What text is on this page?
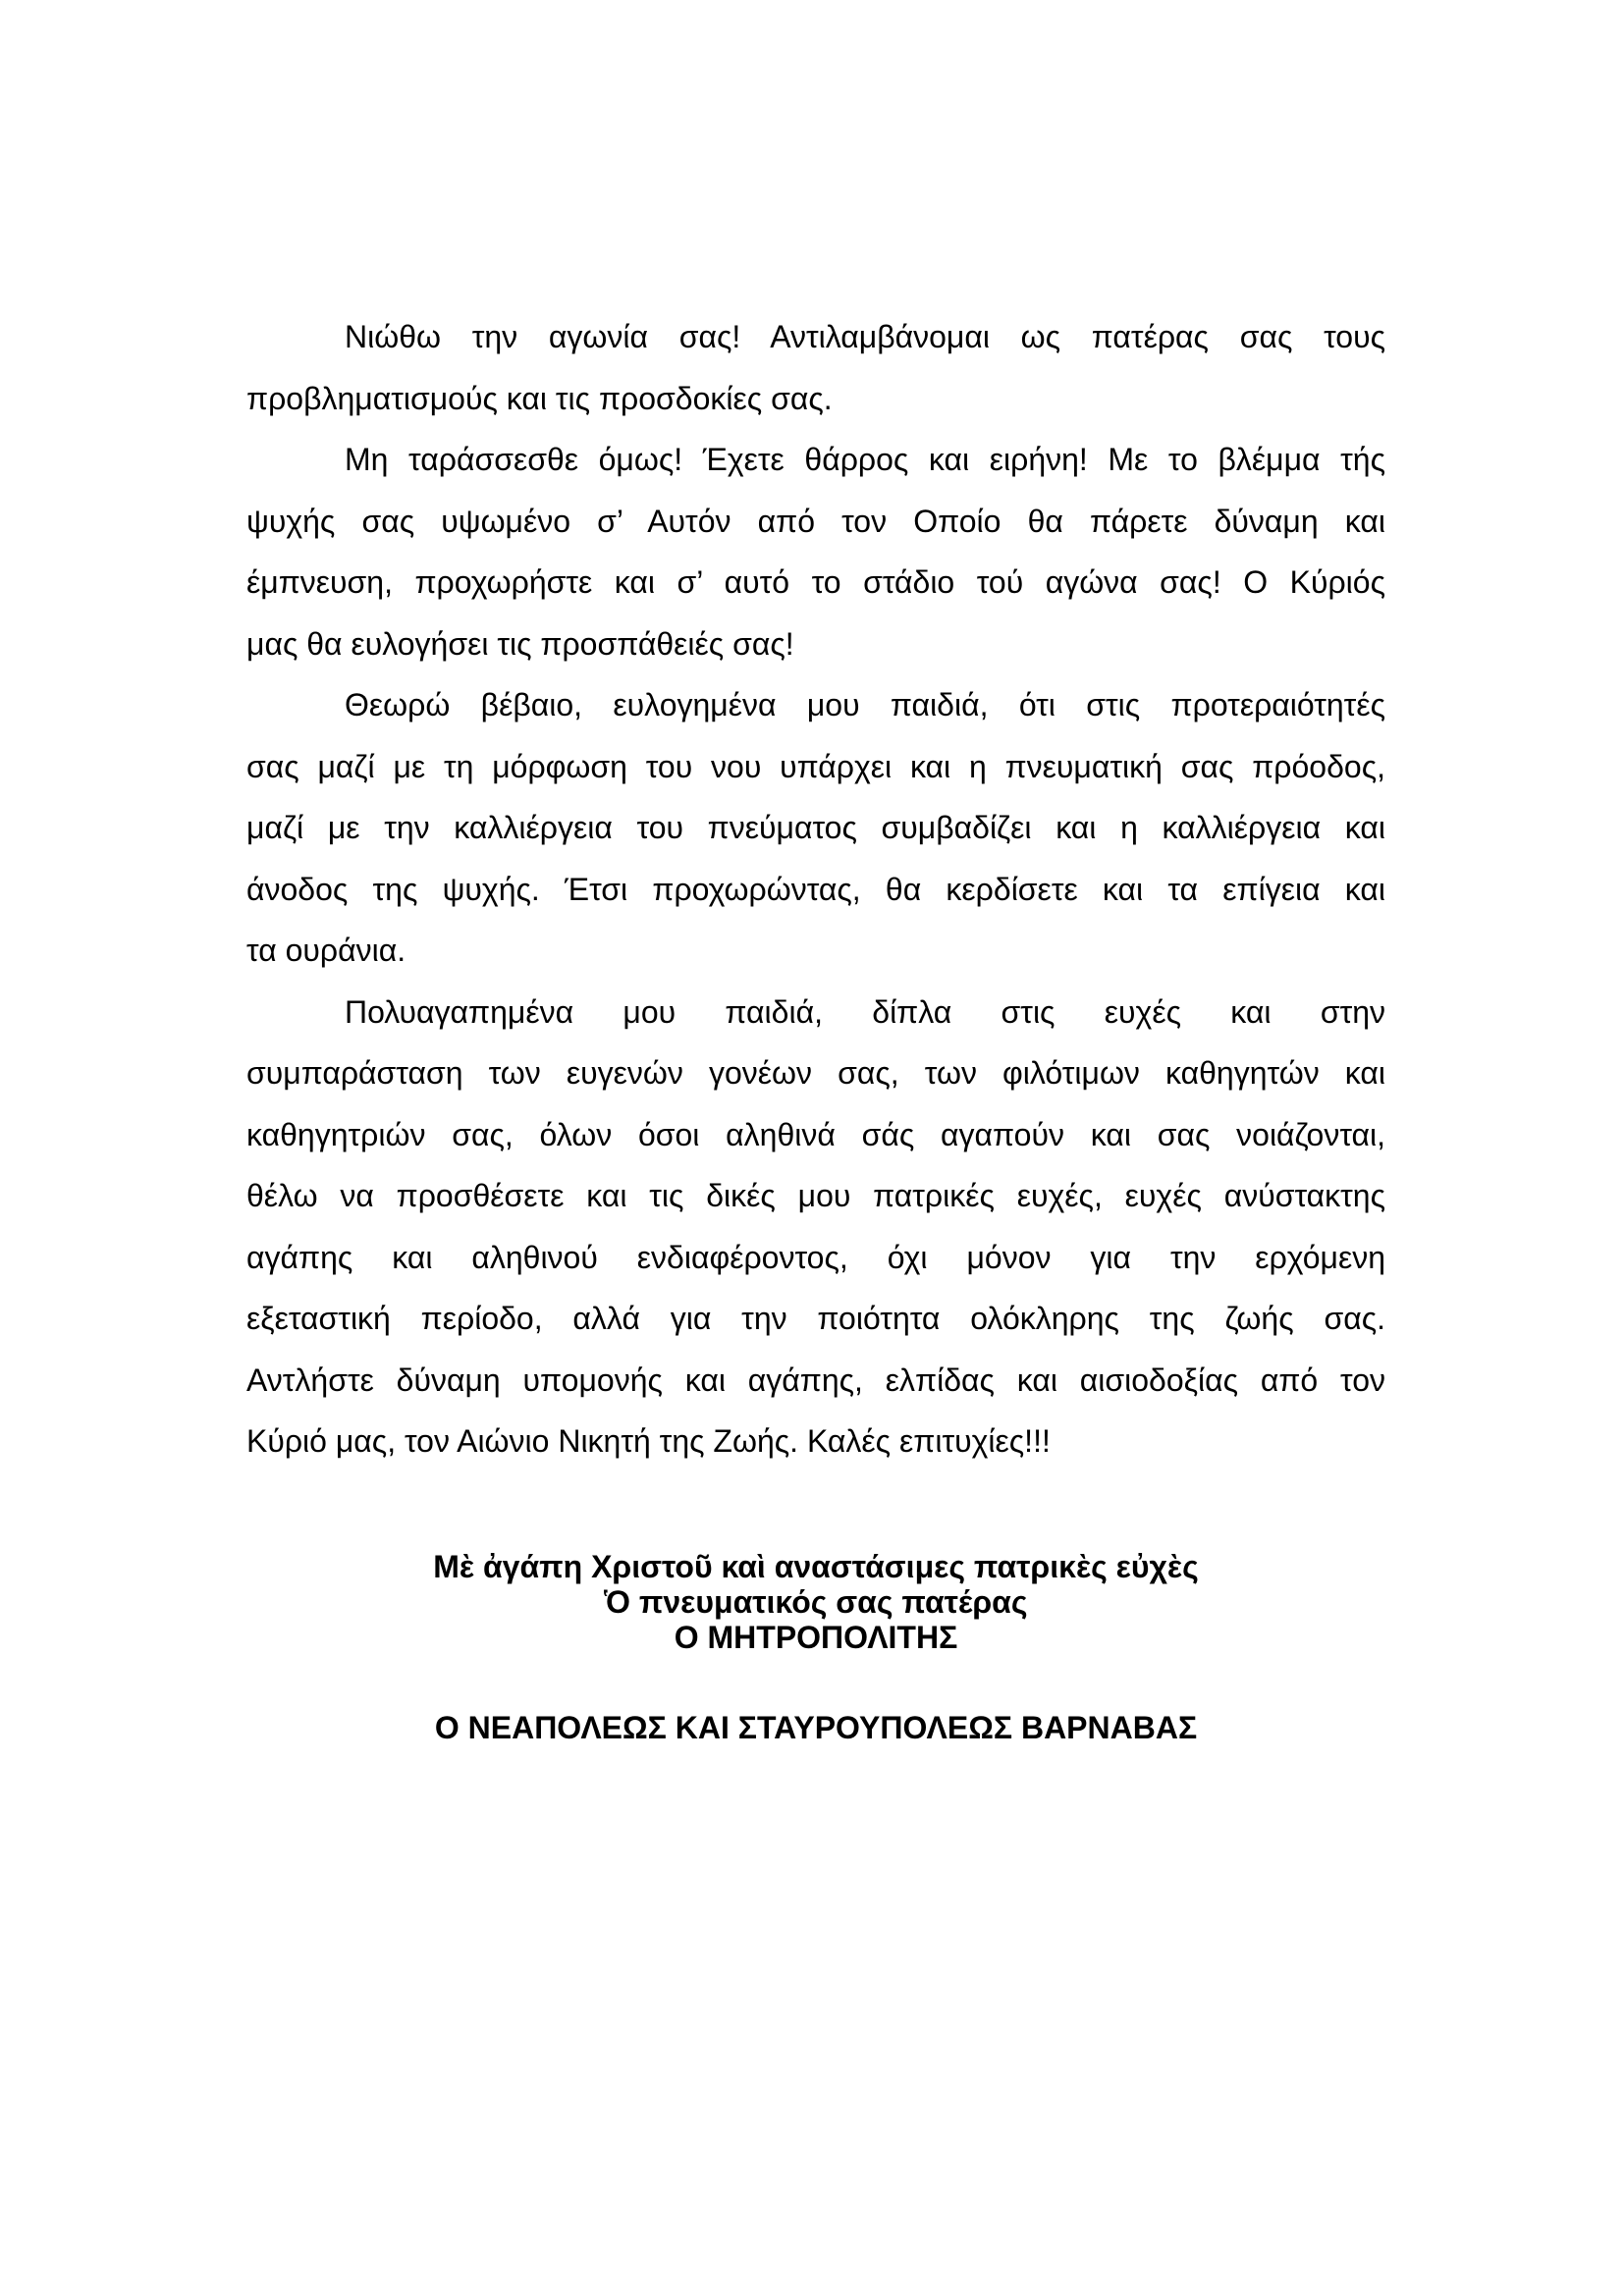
Νιώθω την αγωνία σας! Αντιλαμβάνομαι ως πατέρας σας τους
προβληματισμούς και τις προσδοκίες σας.
Μη ταράσσεσθε όμως! Έχετε θάρρος και ειρήνη! Με το βλέμμα τής
ψυχής σας υψωμένο σ’ Αυτόν από τον Οποίο θα πάρετε δύναμη και
έμπνευση, προχωρήστε και σ’ αυτό το στάδιο τού αγώνα σας! Ο Κύριός
μας θα ευλογήσει τις προσπάθειές σας!
Θεωρώ βέβαιο, ευλογημένα μου παιδιά, ότι στις προτεραιότητές
σας μαζί με τη μόρφωση του νου υπάρχει και η πνευματική σας πρόοδος,
μαζί με την καλλιέργεια του πνεύματος συμβαδίζει και η καλλιέργεια και
άνοδος της ψυχής. Έτσι προχωρώντας, θα κερδίσετε και τα επίγεια και
τα ουράνια.
Πολυαγαπημένα μου παιδιά, δίπλα στις ευχές και στην
συμπαράσταση των ευγενών γονέων σας, των φιλότιμων καθηγητών και
καθηγητριών σας, όλων όσοι αληθινά σάς αγαπούν και σας νοιάζονται,
θέλω να προσθέσετε και τις δικές μου πατρικές ευχές, ευχές ανύστακτης
αγάπης και αληθινού ενδιαφέροντος, όχι μόνον για την ερχόμενη
εξεταστική περίοδο, αλλά για την ποιότητα ολόκληρης της ζωής σας.
Αντλήστε δύναμη υπομονής και αγάπης, ελπίδας και αισιοδοξίας από τον
Κύριό μας, τον Αιώνιο Νικητή της Ζωής. Καλές επιτυχίες!!!
Μὲ ἀγάπη Χριστοῦ καὶ αναστάσιμες πατρικὲς εὐχὲς
Ὁ πνευματικός σας πατέρας
Ο ΜΗΤΡΟΠΟΛΙΤΗΣ
Ο ΝΕΑΠΟΛΕΩΣ ΚΑΙ ΣΤΑΥΡΟΥΠΟΛΕΩΣ ΒΑΡΝΑΒΑΣ
